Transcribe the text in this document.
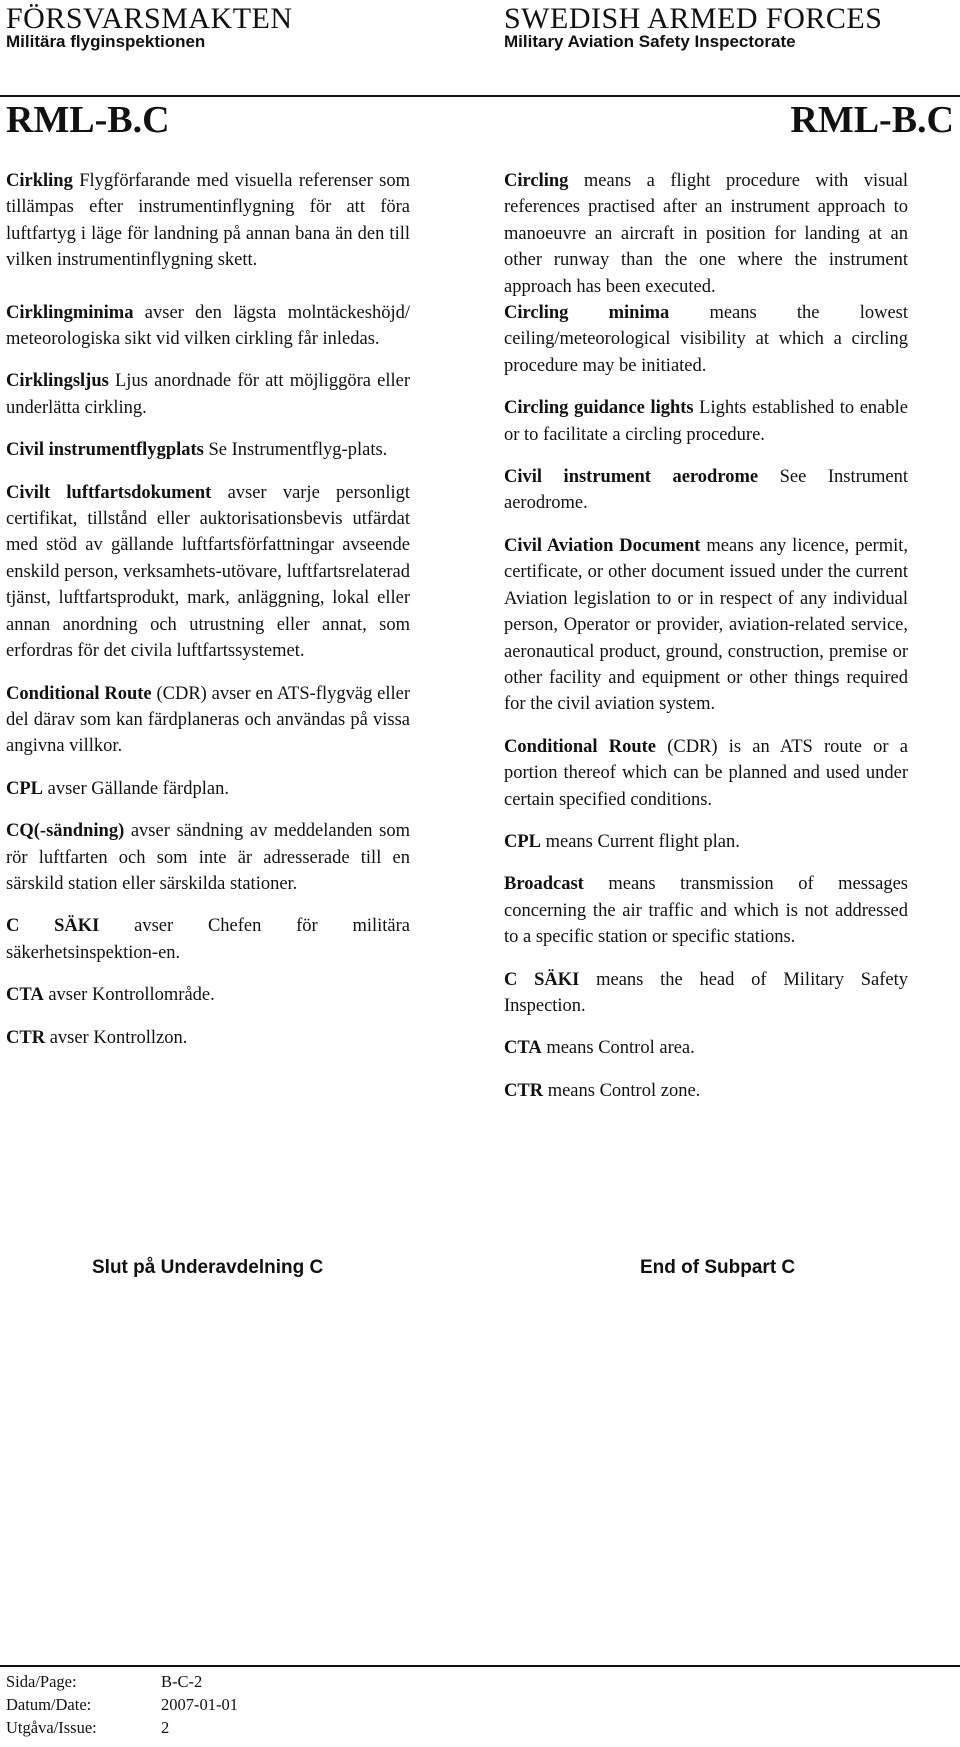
FÖRSVARSMAKTEN
Militära flyginspektionen
SWEDISH ARMED FORCES
Military Aviation Safety Inspectorate
RML-B.C	RML-B.C

Cirkling Flygförfarande med visuella referenser som tillämpas efter instrumentinflygning för att föra luftfartyg i läge för landning på annan bana än den till vilken instrumentinflygning skett.

Cirklingminima avser den lägsta molntäckeshöjd/ meteorologiska sikt vid vilken cirkling får inledas.

Cirklingsljus Ljus anordnade för att möjliggöra eller underlätta cirkling.

Civil instrumentflygplats Se Instrumentflyg-plats.

Civilt luftfartsdokument avser varje personligt certifikat, tillstånd eller auktorisationsbevis utfärdat med stöd av gällande luftfartsförfattningar avseende enskild person, verksamhets-utövare, luftfartsrelaterad tjänst, luftfartsprodukt, mark, anläggning, lokal eller annan anordning och utrustning eller annat, som erfordras för det civila luftfartssystemet.

Conditional Route (CDR) avser en ATS-flygväg eller del därav som kan färdplaneras och användas på vissa angivna villkor.

CPL avser Gällande färdplan.

CQ(-sändning) avser sändning av meddelanden som rör luftfarten och som inte är adresserade till en särskild station eller särskilda stationer.

C SÄKI avser Chefen för militära säkerhetsinspektion-en.

CTA avser Kontrollområde.

CTR avser Kontrollzon.

Circling means a flight procedure with visual references practised after an instrument approach to manoeuvre an aircraft in position for landing at an other runway than the one where the instrument approach has been executed.

Circling minima means the lowest ceiling/meteorological visibility at which a circling procedure may be initiated.

Circling guidance lights Lights established to enable or to facilitate a circling procedure.

Civil instrument aerodrome See Instrument aerodrome.

Civil Aviation Document means any licence, permit, certificate, or other document issued under the current Aviation legislation to or in respect of any individual person, Operator or provider, aviation-related service, aeronautical product, ground, construction, premise or other facility and equipment or other things required for the civil aviation system.

Conditional Route (CDR) is an ATS route or a portion thereof which can be planned and used under certain specified conditions.

CPL means Current flight plan.

Broadcast means transmission of messages concerning the air traffic and which is not addressed to a specific station or specific stations.

C SÄKI means the head of Military Safety Inspection.

CTA means Control area.

CTR means Control zone.

Slut på Underavdelning C	End of Subpart C
Sida/Page:	B-C-2
Datum/Date:	2007-01-01
Utgåva/Issue:	2
